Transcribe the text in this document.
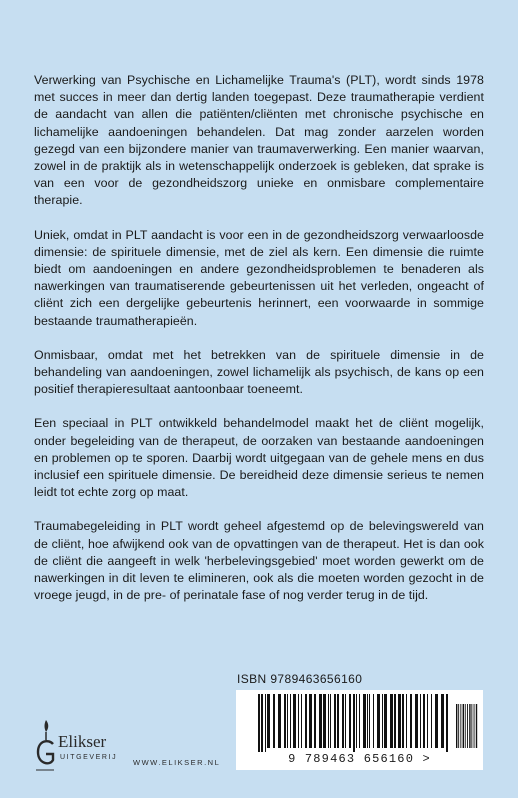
Verwerking van Psychische en Lichamelijke Trauma's (PLT), wordt sinds 1978 met succes in meer dan dertig landen toegepast. Deze traumatherapie verdient de aandacht van allen die patiënten/cliënten met chronische psychische en lichamelijke aandoeningen behandelen. Dat mag zonder aarzelen worden gezegd van een bijzondere manier van traumaverwerking. Een manier waarvan, zowel in de praktijk als in wetenschappelijk onderzoek is gebleken, dat sprake is van een voor de gezondheidszorg unieke en onmisbare complementaire therapie.

Uniek, omdat in PLT aandacht is voor een in de gezondheidszorg verwaarloosde dimensie: de spirituele dimensie, met de ziel als kern. Een dimensie die ruimte biedt om aandoeningen en andere gezondheidsproblemen te benaderen als nawerkingen van traumatiserende gebeurtenissen uit het verleden, ongeacht of cliënt zich een dergelijke gebeurtenis herinnert, een voorwaarde in sommige bestaande traumatherapieën.

Onmisbaar, omdat met het betrekken van de spirituele dimensie in de behandeling van aandoeningen, zowel lichamelijk als psychisch, de kans op een positief therapieresultaat aantoonbaar toeneemt.

Een speciaal in PLT ontwikkeld behandelmodel maakt het de cliënt mogelijk, onder begeleiding van de therapeut, de oorzaken van bestaande aandoeningen en problemen op te sporen. Daarbij wordt uitgegaan van de gehele mens en dus inclusief een spirituele dimensie. De bereidheid deze dimensie serieus te nemen leidt tot echte zorg op maat.

Traumabegeleiding in PLT wordt geheel afgestemd op de belevingswereld van de cliënt, hoe afwijkend ook van de opvattingen van de therapeut. Het is dan ook de cliënt die aangeeft in welk 'herbelevingsgebied' moet worden gewerkt om de nawerkingen in dit leven te elimineren, ook als die moeten worden gezocht in de vroege jeugd, in de pre- of perinatale fase of nog verder terug in de tijd.

ISBN 9789463656160
9 789463 656160 >
Elikser
UITGEVERIJ
WWW.ELIKSER.NL
